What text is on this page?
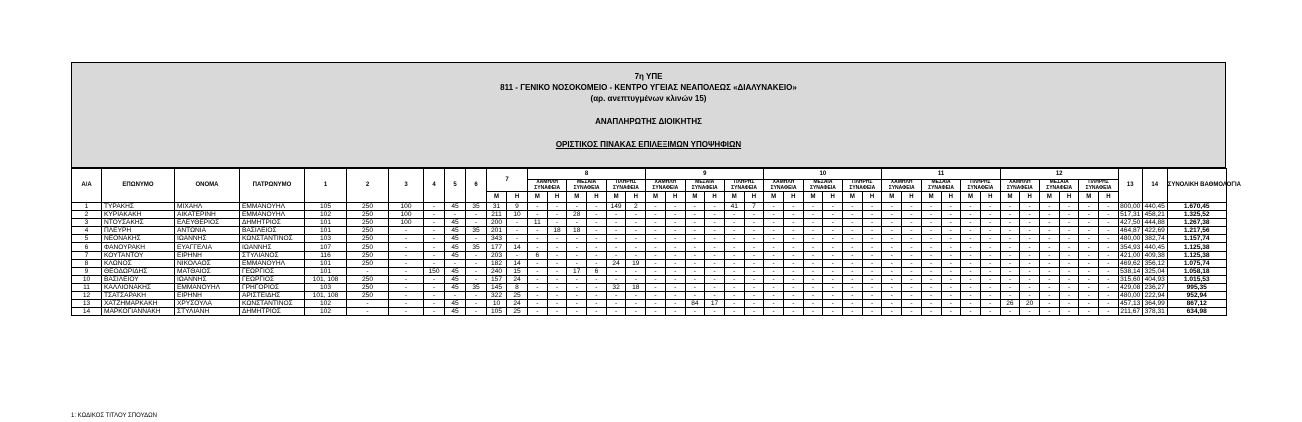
7η ΥΠΕ
811 - ΓΕΝΙΚΟ ΝΟΣΟΚΟΜΕΙΟ - ΚΕΝΤΡΟ ΥΓΕΙΑΣ ΝΕΑΠΟΛΕΩΣ «ΔΙΑΛΥΝΑΚΕΙΟ»
(αρ. ανεπτυγμένων κλινών 15)
ΑΝΑΠΛΗΡΩΤΗΣ ΔΙΟΙΚΗΤΗΣ
ΟΡΙΣΤΙΚΟΣ ΠΙΝΑΚΑΣ ΕΠΙΛΕΞΙΜΩΝ ΥΠΟΨΗΦΙΩΝ
Α/Α	ΕΠΩΝΥΜΟ	ΟΝΟΜΑ	ΠΑΤΡΩΝΥΜΟ	1	2	3	4	5	6	7		8						9						10						11						12						13	14	ΣΥΝΟΛΙΚΗ ΒΑΘΜΟΛΟΓΙΑ
												ΧΑΜΗΛΗ ΣΥΝΑΦΕΙΑ		ΜΕΣΑΙΑ ΣΥΝΑΦΕΙΑ		ΠΛΗΡΗΣ ΣΥΝΑΦΕΙΑ		ΧΑΜΗΛΗ ΣΥΝΑΦΕΙΑ		ΜΕΣΑΙΑ ΣΥΝΑΦΕΙΑ		ΠΛΗΡΗΣ ΣΥΝΑΦΕΙΑ		ΧΑΜΗΛΗ ΣΥΝΑΦΕΙΑ		ΜΕΣΑΙΑ ΣΥΝΑΦΕΙΑ		ΠΛΗΡΗΣ ΣΥΝΑΦΕΙΑ		ΧΑΜΗΛΗ ΣΥΝΑΦΕΙΑ		ΜΕΣΑΙΑ ΣΥΝΑΦΕΙΑ		ΠΛΗΡΗΣ ΣΥΝΑΦΕΙΑ		ΧΑΜΗΛΗ ΣΥΝΑΦΕΙΑ		ΜΕΣΑΙΑ ΣΥΝΑΦΕΙΑ		ΠΛΗΡΗΣ ΣΥΝΑΦΕΙΑ				
										Μ	Η	Μ	Η	Μ	Η	Μ	Η	Μ	Η	Μ	Η	Μ	Η	Μ	Η	Μ	Η	Μ	Η	Μ	Η	Μ	Η	Μ	Η	Μ	Η	Μ	Η	Μ	Η			
1	ΤΥΡΑΚΗΣ	ΜΙΧΑΗΛ	ΕΜΜΑΝΟΥΗΛ	105	250	100	-	45	35	31	9	-	-	-	-	149	2	-	-	-	-	41	7	-	-	-	-	-	-	-	-	-	-	-	-	-	-	-	-	-	-	800,00	440,45	1.670,45
2	ΚΥΡΙΑΚΑΚΗ	ΑΙΚΑΤΕΡΙΝΗ	ΕΜΜΑΝΟΥΗΛ	102	250	100	-	-	-	211	10	-	-	28	-	-	-	-	-	-	-	-	-	-	-	-	-	-	-	-	-	-	-	-	-	-	-	-	-	-	-	517,31	458,21	1.325,52
3	ΝΤΟΥΣΑΚΗΣ	ΕΛΕΥΘΕΡΙΟΣ	ΔΗΜΗΤΡΙΟΣ	101	250	100	-	45	-	200	-	11	-	-	-	-	-	-	-	-	-	-	-	-	-	-	-	-	-	-	-	-	-	-	-	-	-	-	-	-	-	427,50	444,88	1.267,38
4	ΠΛΕΥΡΗ	ΑΝΤΩΝΙΑ	ΒΑΣΙΛΕΙΟΣ	101	250	-	-	45	35	201	-	-	18	18	-	-	-	-	-	-	-	-	-	-	-	-	-	-	-	-	-	-	-	-	-	-	-	-	-	-	-	464,87	422,69	1.217,56
5	ΝΕΟΝΑΚΗΣ	ΙΩΑΝΝΗΣ	ΚΩΝΣΤΑΝΤΙΝΟΣ	103	250	-	-	45	-	343	-	-	-	-	-	-	-	-	-	-	-	-	-	-	-	-	-	-	-	-	-	-	-	-	-	-	-	-	-	-	-	480,00	382,74	1.157,74
6	ΦΑΝΟΥΡΑΚΗ	ΕΥΑΓΓΕΛΙΑ	ΙΩΑΝΝΗΣ	107	250	-	-	45	35	177	14	-	-	-	-	-	-	-	-	-	-	-	-	-	-	-	-	-	-	-	-	-	-	-	-	-	-	-	-	-	-	354,93	440,45	1.125,38
7	ΚΟΥΤΑΝΤΟΥ	ΕΙΡΗΝΗ	ΣΤΥΛΙΑΝΟΣ	116	250	-	-	45	-	203	-	6	-	-	-	-	-	-	-	-	-	-	-	-	-	-	-	-	-	-	-	-	-	-	-	-	-	-	-	-	-	421,00	409,38	1.125,38
8	ΚΛΩΝΟΣ	ΝΙΚΟΛΑΟΣ	ΕΜΜΑΝΟΥΗΛ	101	250	-	-	-	-	182	14	-	-	-	-	24	19	-	-	-	-	-	-	-	-	-	-	-	-	-	-	-	-	-	-	-	-	-	-	-	-	469,62	356,12	1.075,74
9	ΘΕΟΔΩΡΙΔΗΣ	ΜΑΤΘΑΙΟΣ	ΓΕΩΡΓΙΟΣ	101	-	-	150	45	-	240	15	-	-	17	6	-	-	-	-	-	-	-	-	-	-	-	-	-	-	-	-	-	-	-	-	-	-	-	-	-	-	538,14	325,04	1.058,18
10	ΒΑΣΙΛΕΙΟΥ	ΙΩΑΝΝΗΣ	ΓΕΩΡΓΙΟΣ	101, 108	250	-	-	45	-	157	24	-	-	-	-	-	-	-	-	-	-	-	-	-	-	-	-	-	-	-	-	-	-	-	-	-	-	-	-	-	-	315,60	404,93	1.015,53
11	ΚΑΛΛΙΟΝΑΚΗΣ	ΕΜΜΑΝΟΥΗΛ	ΓΡΗΓΟΡΙΟΣ	103	250	-	-	45	35	145	8	-	-	-	-	32	18	-	-	-	-	-	-	-	-	-	-	-	-	-	-	-	-	-	-	-	-	-	-	-	-	429,08	236,27	995,35
12	ΤΣΑΤΣΑΡΑΚΗ	ΕΙΡΗΝΗ	ΑΡΙΣΤΕΙΔΗΣ	101, 108	250	-	-	-	-	322	25	-	-	-	-	-	-	-	-	-	-	-	-	-	-	-	-	-	-	-	-	-	-	-	-	-	-	-	-	-	-	480,00	222,94	952,94
13	ΧΑΤΖΗΜΑΡΚΑΚΗ	ΧΡΥΣΟΥΛΑ	ΚΩΝΣΤΑΝΤΙΝΟΣ	102	-	-	-	45	-	10	24	-	-	-	-	-	-	-	-	84	17	-	-	-	-	-	-	-	-	-	-	-	-	-	-	26	20	-	-	-	-	457,13	364,99	867,12
14	ΜΑΡΚΟΓΙΑΝΝΑΚΗ	ΣΤΥΛΙΑΝΗ	ΔΗΜΗΤΡΙΟΣ	102	-	-	-	45	-	105	25	-	-	-	-	-	-	-	-	-	-	-	-	-	-	-	-	-	-	-	-	-	-	-	-	-	-	-	-	-	-	211,67	378,31	634,98
1: ΚΩΔΙΚΟΣ ΤΙΤΛΟΥ ΣΠΟΥΔΩΝ
